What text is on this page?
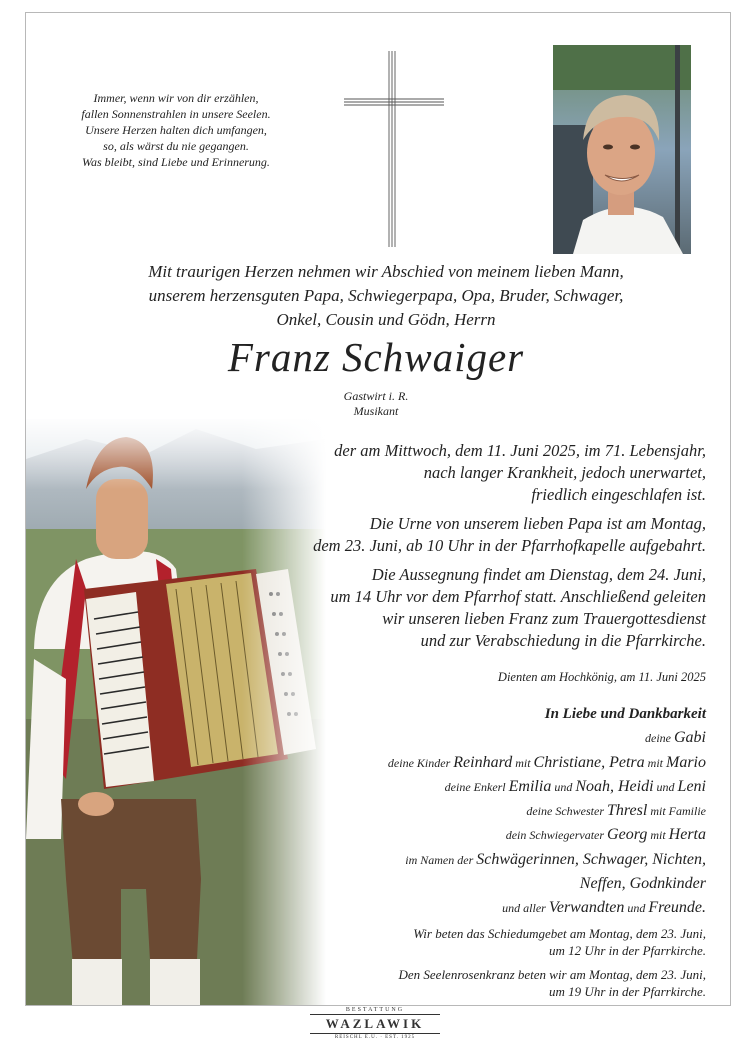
Immer, wenn wir von dir erzählen,
fallen Sonnenstrahlen in unsere Seelen.
Unsere Herzen halten dich umfangen,
so, als wärst du nie gegangen.
Was bleibt, sind Liebe und Erinnerung.
Mit traurigen Herzen nehmen wir Abschied von meinem lieben Mann,
unserem herzensguten Papa, Schwiegerpapa, Opa, Bruder, Schwager,
Onkel, Cousin und Gödn, Herrn
Franz Schwaiger
Gastwirt i. R.
Musikant
der am Mittwoch, dem 11. Juni 2025, im 71. Lebensjahr,
nach langer Krankheit, jedoch unerwartet,
friedlich eingeschlafen ist.
Die Urne von unserem lieben Papa ist am Montag,
dem 23. Juni, ab 10 Uhr in der Pfarrhofkapelle aufgebahrt.
Die Aussegnung findet am Dienstag, dem 24. Juni,
um 14 Uhr vor dem Pfarrhof statt. Anschließend geleiten
wir unseren lieben Franz zum Trauergottesdienst
und zur Verabschiedung in die Pfarrkirche.
Dienten am Hochkönig, am 11. Juni 2025
In Liebe und Dankbarkeit
deine Gabi
deine Kinder Reinhard mit Christiane, Petra mit Mario
deine Enkerl Emilia und Noah, Heidi und Leni
deine Schwester Thresl mit Familie
dein Schwiegervater Georg mit Herta
im Namen der Schwägerinnen, Schwager, Nichten,
Neffen, Godnkinder
und aller Verwandten und Freunde.
Wir beten das Schiedumgebet am Montag, dem 23. Juni,
um 12 Uhr in der Pfarrkirche.
Den Seelenrosenkranz beten wir am Montag, dem 23. Juni,
um 19 Uhr in der Pfarrkirche.
BESTATTUNG
WAZLAWIK
REISCHL E.U. · EST. 1925
